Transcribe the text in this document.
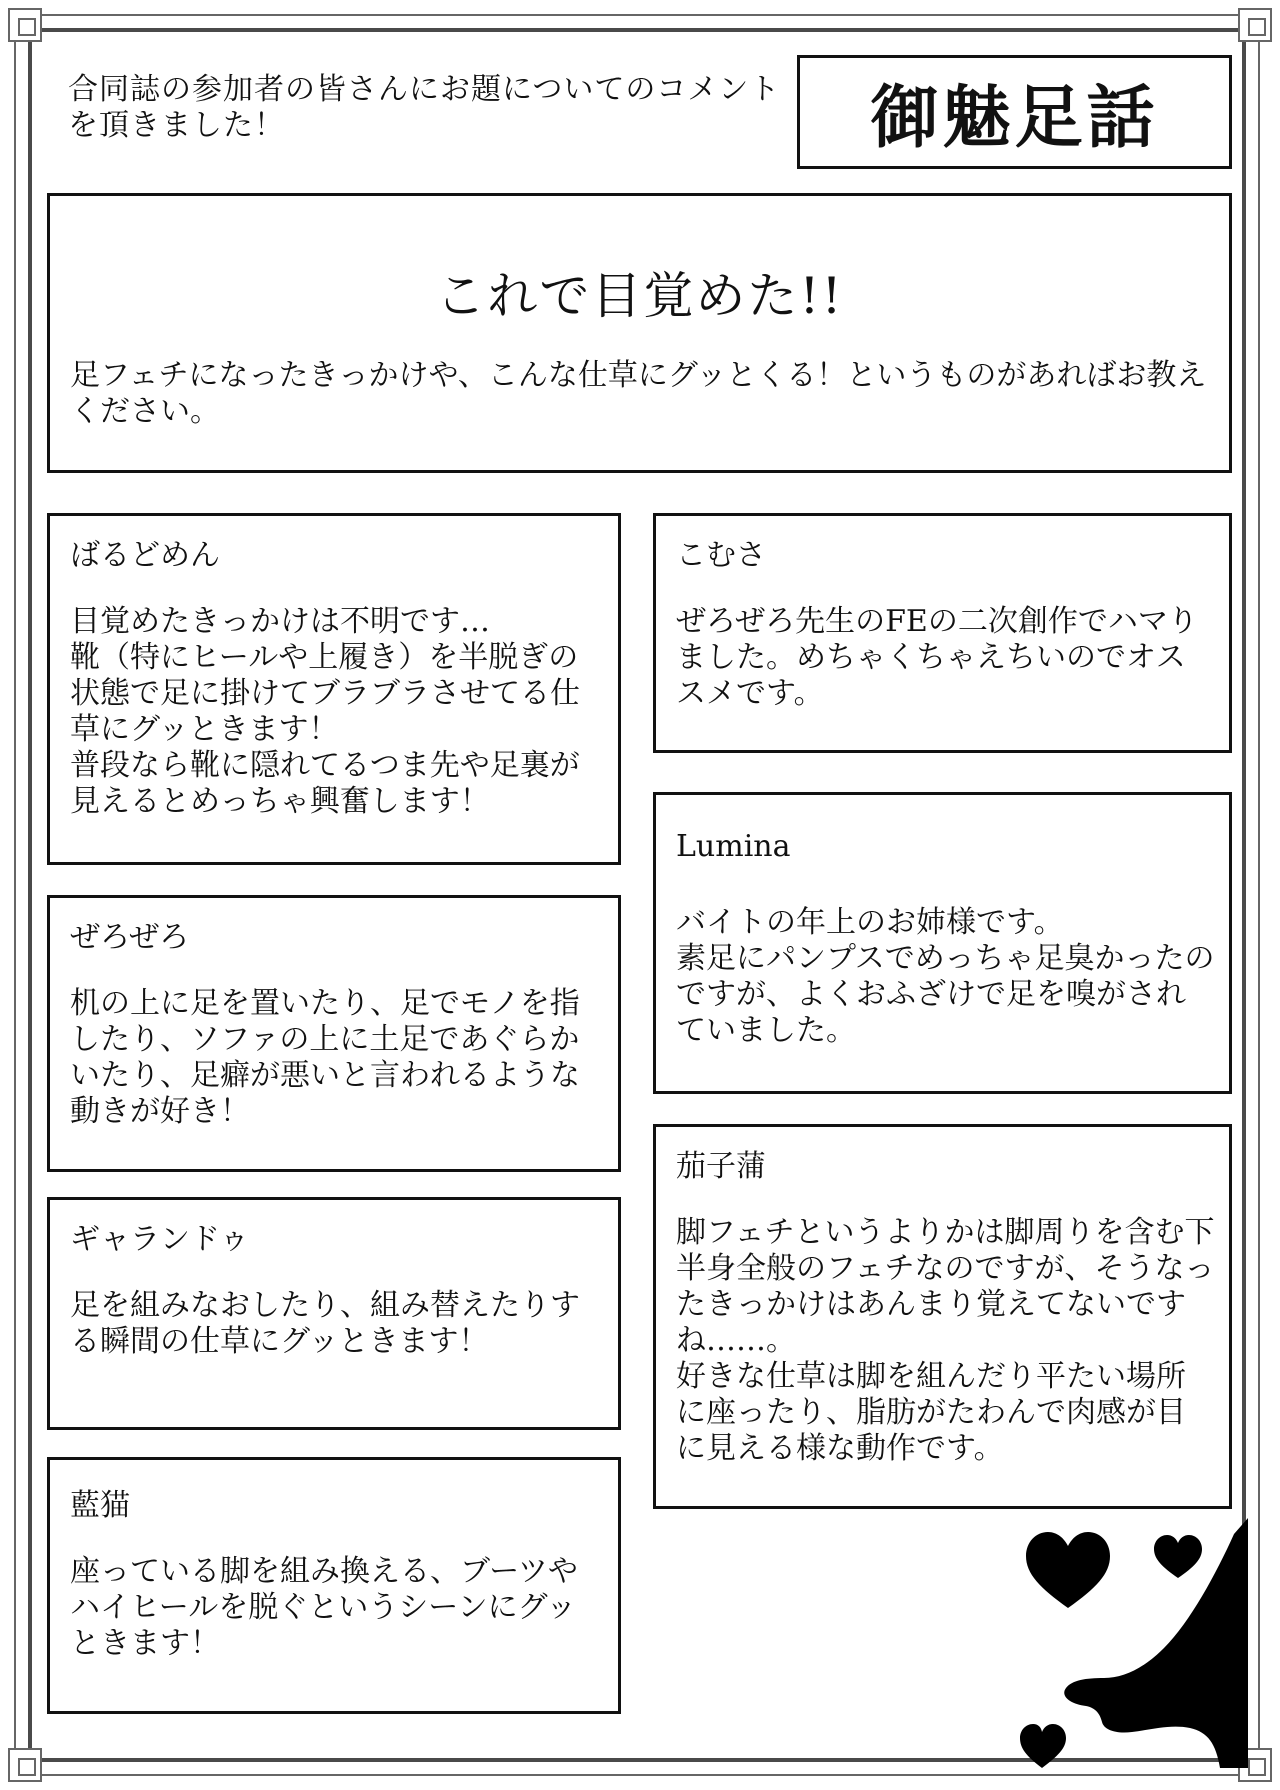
合同誌の参加者の皆さんにお題についてのコメントを頂きました！	御魅足話
これで目覚めた!!
足フェチになったきっかけや、こんな仕草にグッとくる！というものがあればお教えください。
ばるどめん
目覚めたきっかけは不明です…
靴（特にヒールや上履き）を半脱ぎの状態で足に掛けてブラブラさせてる仕草にグッときます！
普段なら靴に隠れてるつま先や足裏が見えるとめっちゃ興奮します！
ぜろぜろ
机の上に足を置いたり、足でモノを指したり、ソファの上に土足であぐらかいたり、足癖が悪いと言われるような動きが好き！
ギャランドゥ
足を組みなおしたり、組み替えたりする瞬間の仕草にグッときます！
藍猫
座っている脚を組み換える、ブーツやハイヒールを脱ぐというシーンにグッときます！
こむさ
ぜろぜろ先生のFEの二次創作でハマりました。めちゃくちゃえちいのでオススメです。
Lumina
バイトの年上のお姉様です。
素足にパンプスでめっちゃ足臭かったのですが、よくおふざけで足を嗅がされていました。
茄子蒲
脚フェチというよりかは脚周りを含む下半身全般のフェチなのですが、そうなったきっかけはあんまり覚えてないですね……。
好きな仕草は脚を組んだり平たい場所に座ったり、脂肪がたわんで肉感が目に見える様な動作です。
